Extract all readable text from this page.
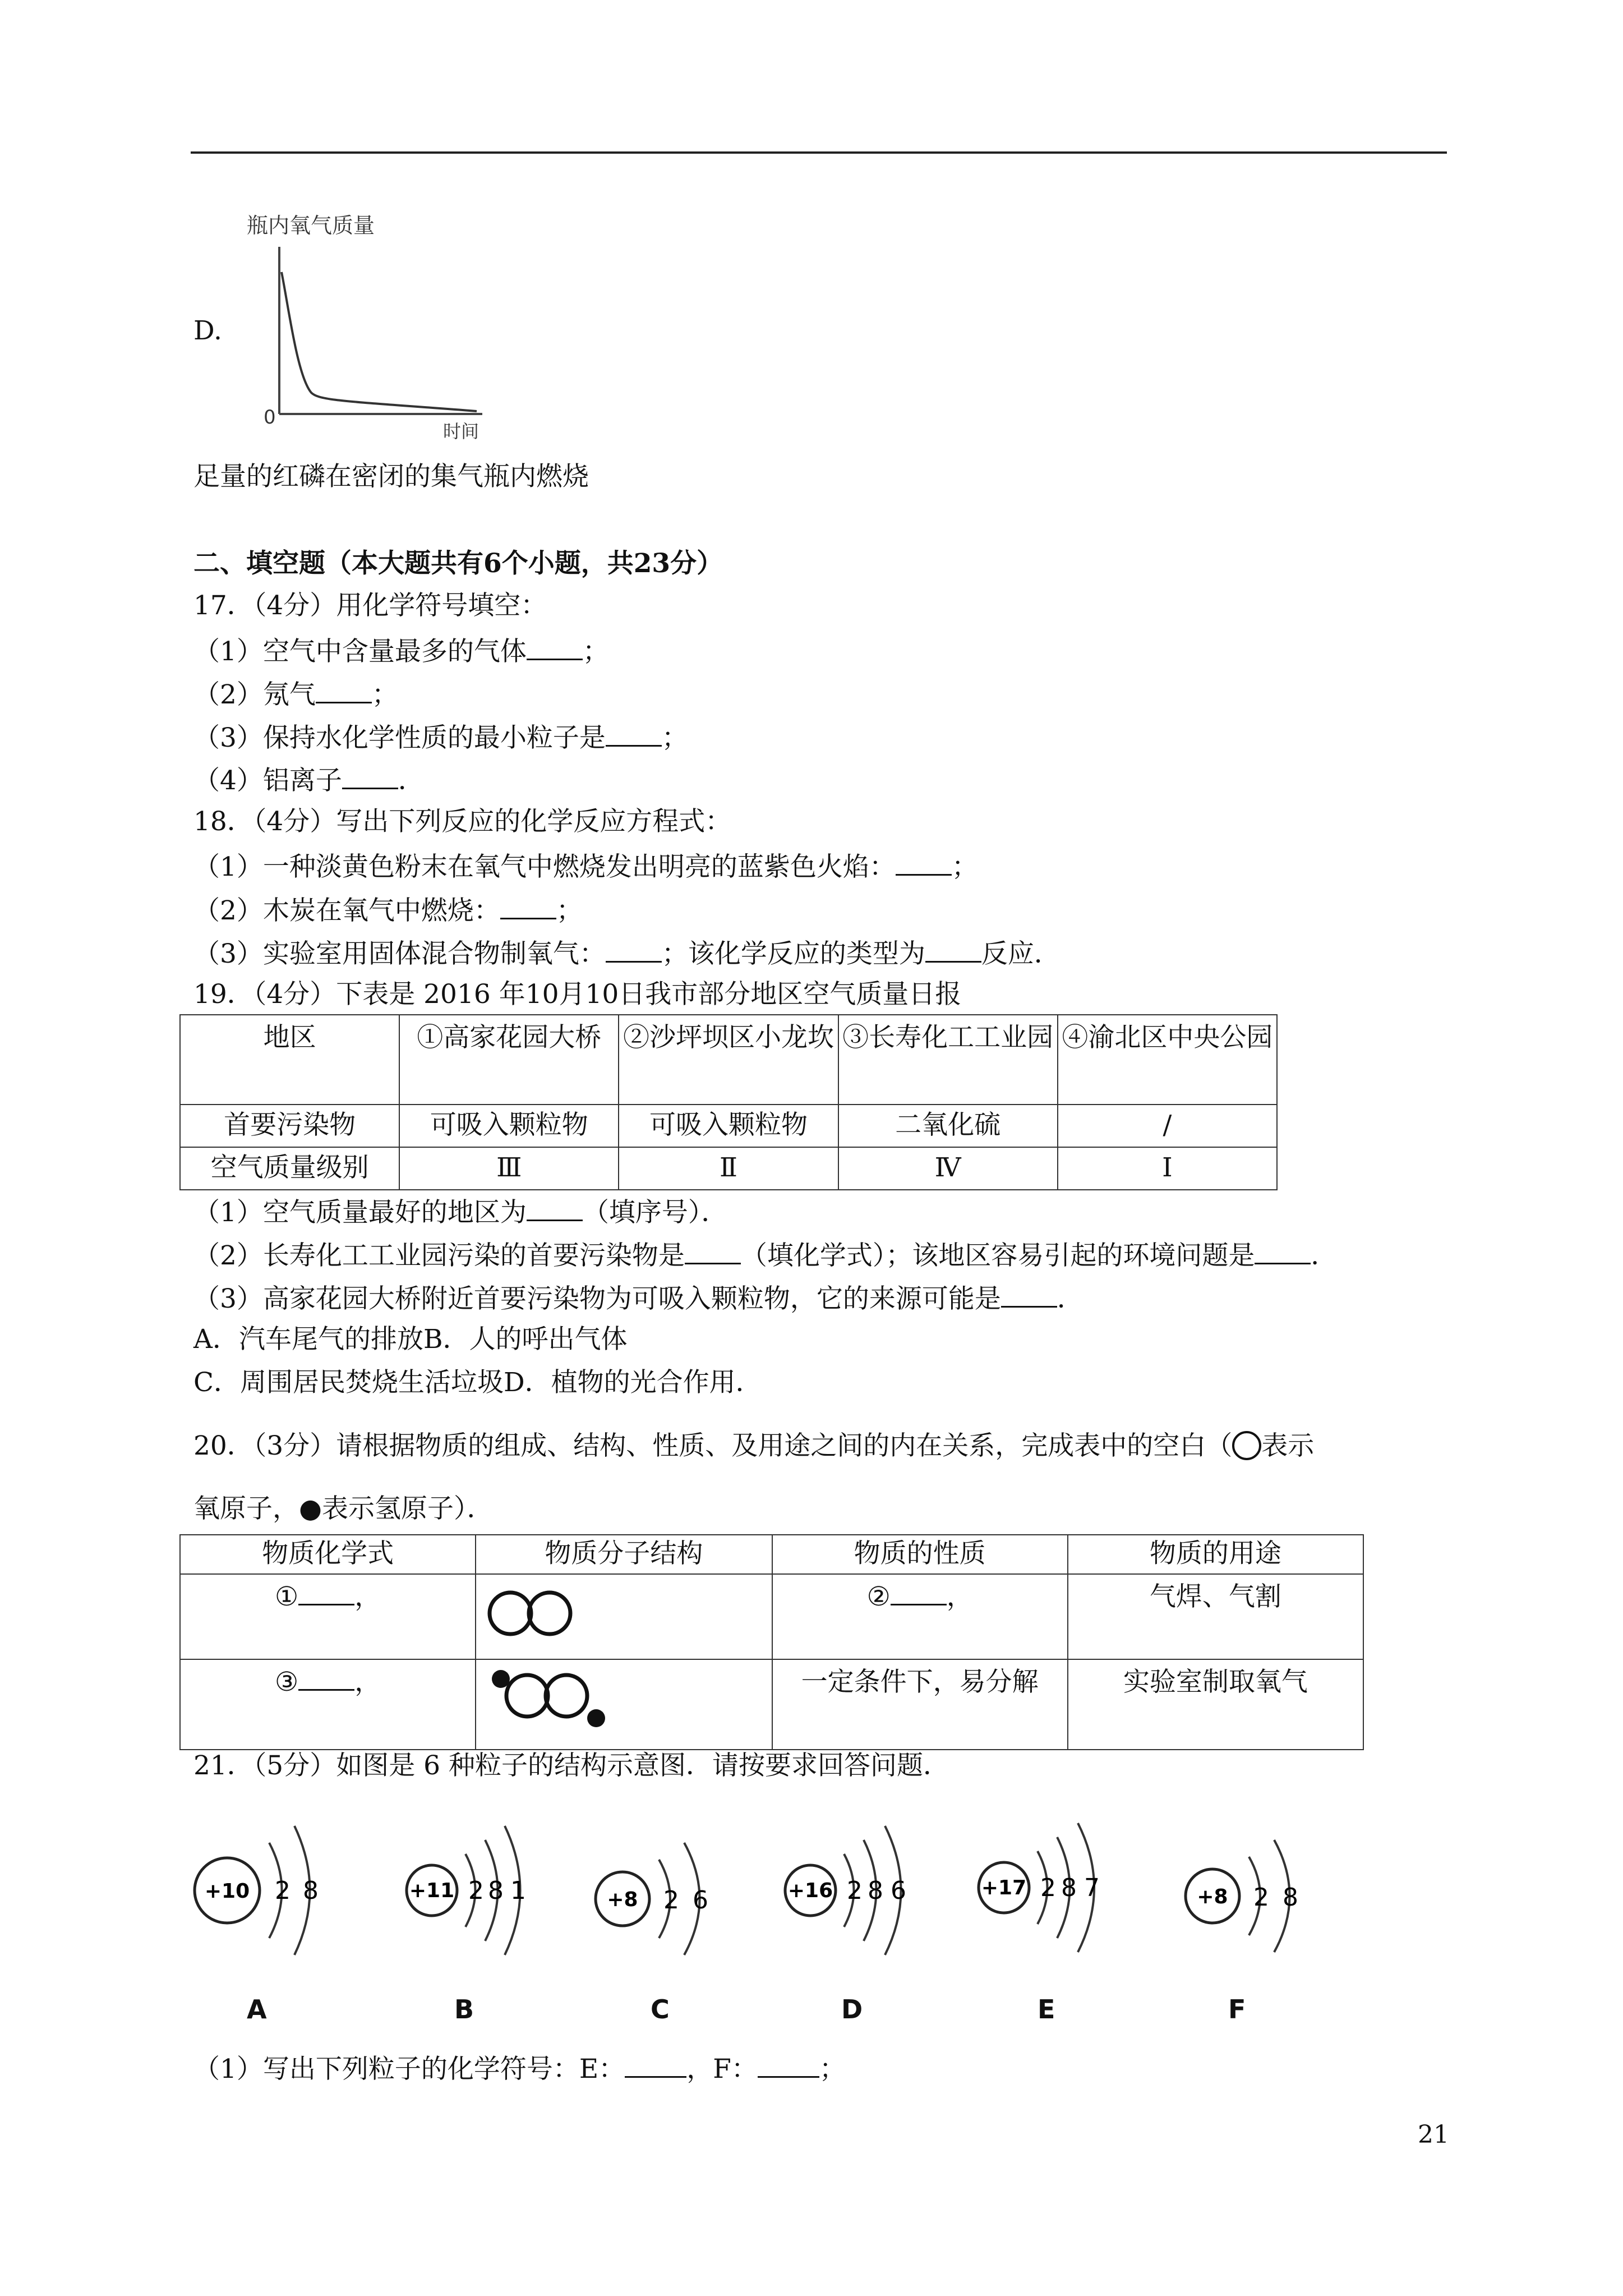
D.
瓶内氧气质量
0
时间
足量的红磷在密闭的集气瓶内燃烧
二、填空题（本大题共有6个小题，共23分）
17．（4分）用化学符号填空：
（1）空气中含量最多的气体 ；
（2）氖气 ；
（3）保持水化学性质的最小粒子是 ；
（4）铝离子 ．
18．（4分）写出下列反应的化学反应方程式：
（1）一种淡黄色粉末在氧气中燃烧发出明亮的蓝紫色火焰： ；
（2）木炭在氧气中燃烧： ；
（3）实验室用固体混合物制氧气： ；该化学反应的类型为 反应．
19．（4分）下表是 2016 年10月10日我市部分地区空气质量日报
地区	①高家花园大桥	②沙坪坝区小龙坎	③长寿化工工业园	④渝北区中央公园
首要污染物	可吸入颗粒物	可吸入颗粒物	二氧化硫	/
空气质量级别	Ⅲ	Ⅱ	Ⅳ	Ⅰ
（1）空气质量最好的地区为 （填序号）．
（2）长寿化工工业园污染的首要污染物是 （填化学式）；该地区容易引起的环境问题是 ．
（3）高家花园大桥附近首要污染物为可吸入颗粒物，它的来源可能是 ．
A．汽车尾气的排放B．人的呼出气体
C．周围居民焚烧生活垃圾D．植物的光合作用．
20．（3分）请根据物质的组成、结构、性质、及用途之间的内在关系，完成表中的空白（ 表示
氧原子，●表示氢原子）．
物质化学式	物质分子结构	物质的性质	物质的用途
① ，		② ，	气焊、气割
③ ，		一定条件下，易分解	实验室制取氧气
21．（5分）如图是 6 种粒子的结构示意图．请按要求回答问题．
+10 2 8	+11 2 8 1	+8 2 6	+16 2 8 6	+17 2 8 7	+8 2 8
A	B	C	D	E	F
（1）写出下列粒子的化学符号：E： ，F： ；
21
